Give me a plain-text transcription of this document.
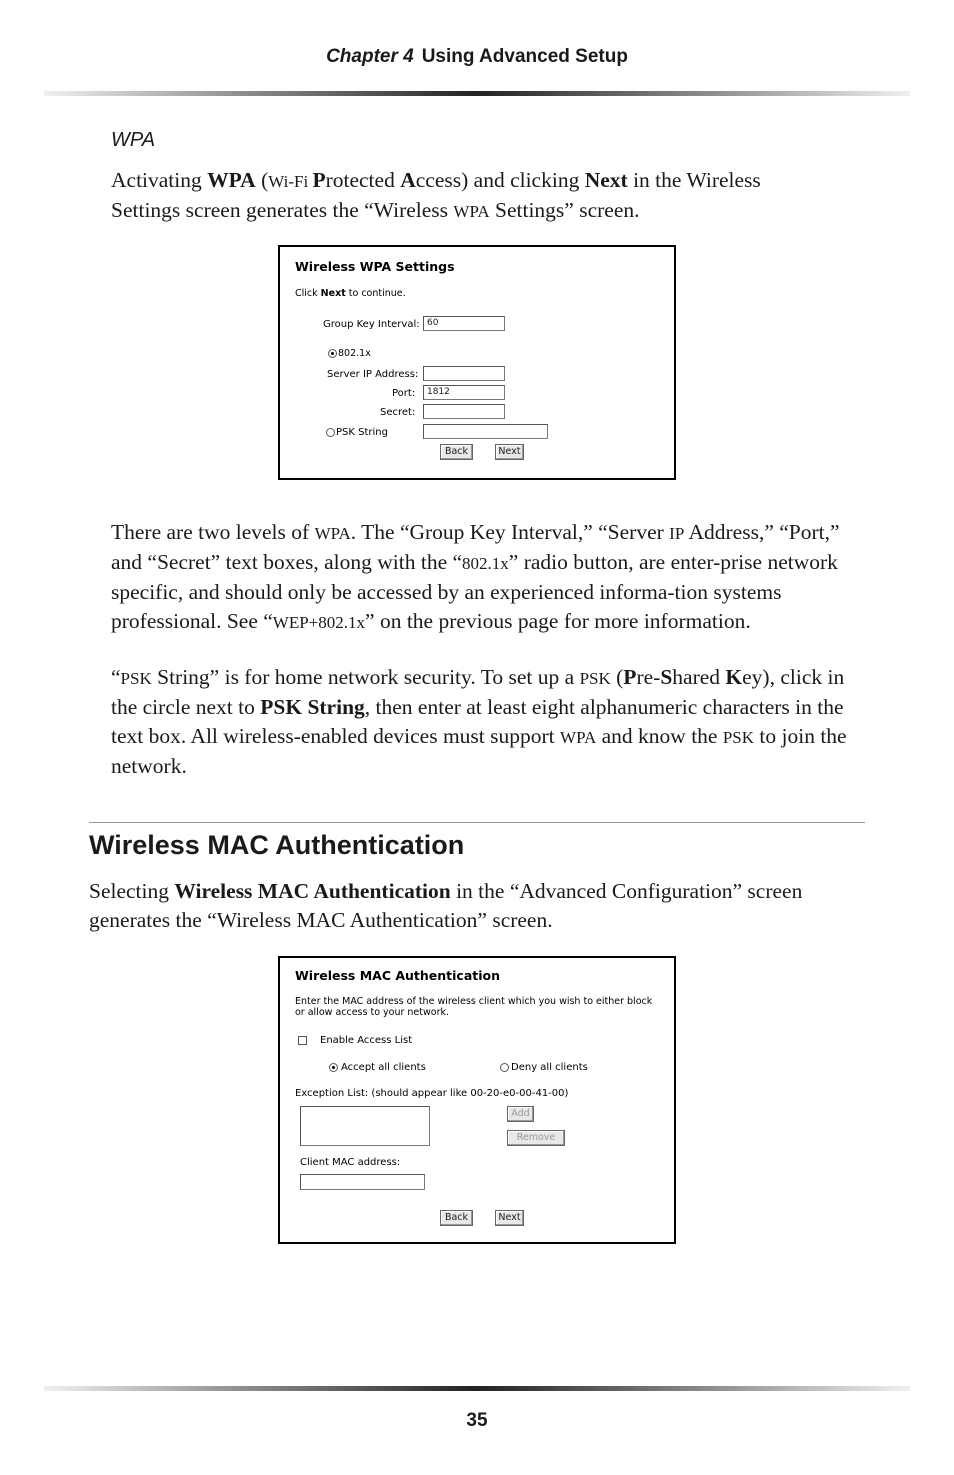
Chapter 4 Using Advanced Setup
WPA
Activating WPA (Wi-Fi Protected Access) and clicking Next in the Wireless Settings screen generates the “Wireless WPA Settings” screen.
Wireless WPA Settings
Click Next to continue.
Group Key Interval: 60
802.1x
Server IP Address:
Port:	1812
Secret:
PSK String
Back	Next
There are two levels of WPA. The “Group Key Interval,” “Server IP Address,” “Port,” and “Secret” text boxes, along with the “802.1x” radio button, are enter-prise network specific, and should only be accessed by an experienced informa-tion systems professional. See “WEP+802.1x” on the previous page for more information.
“PSK String” is for home network security. To set up a PSK (Pre-Shared Key), click in the circle next to PSK String, then enter at least eight alphanumeric characters in the text box. All wireless-enabled devices must support WPA and know the PSK to join the network.
Wireless MAC Authentication
Selecting Wireless MAC Authentication in the “Advanced Configuration” screen generates the “Wireless MAC Authentication” screen.
Wireless MAC Authentication
Enter the MAC address of the wireless client which you wish to either block
or allow access to your network.
Enable Access List
Accept all clients	Deny all clients
Exception List: (should appear like 00-20-e0-00-41-00)
Add
Remove
Client MAC address:
Back	Next
35
